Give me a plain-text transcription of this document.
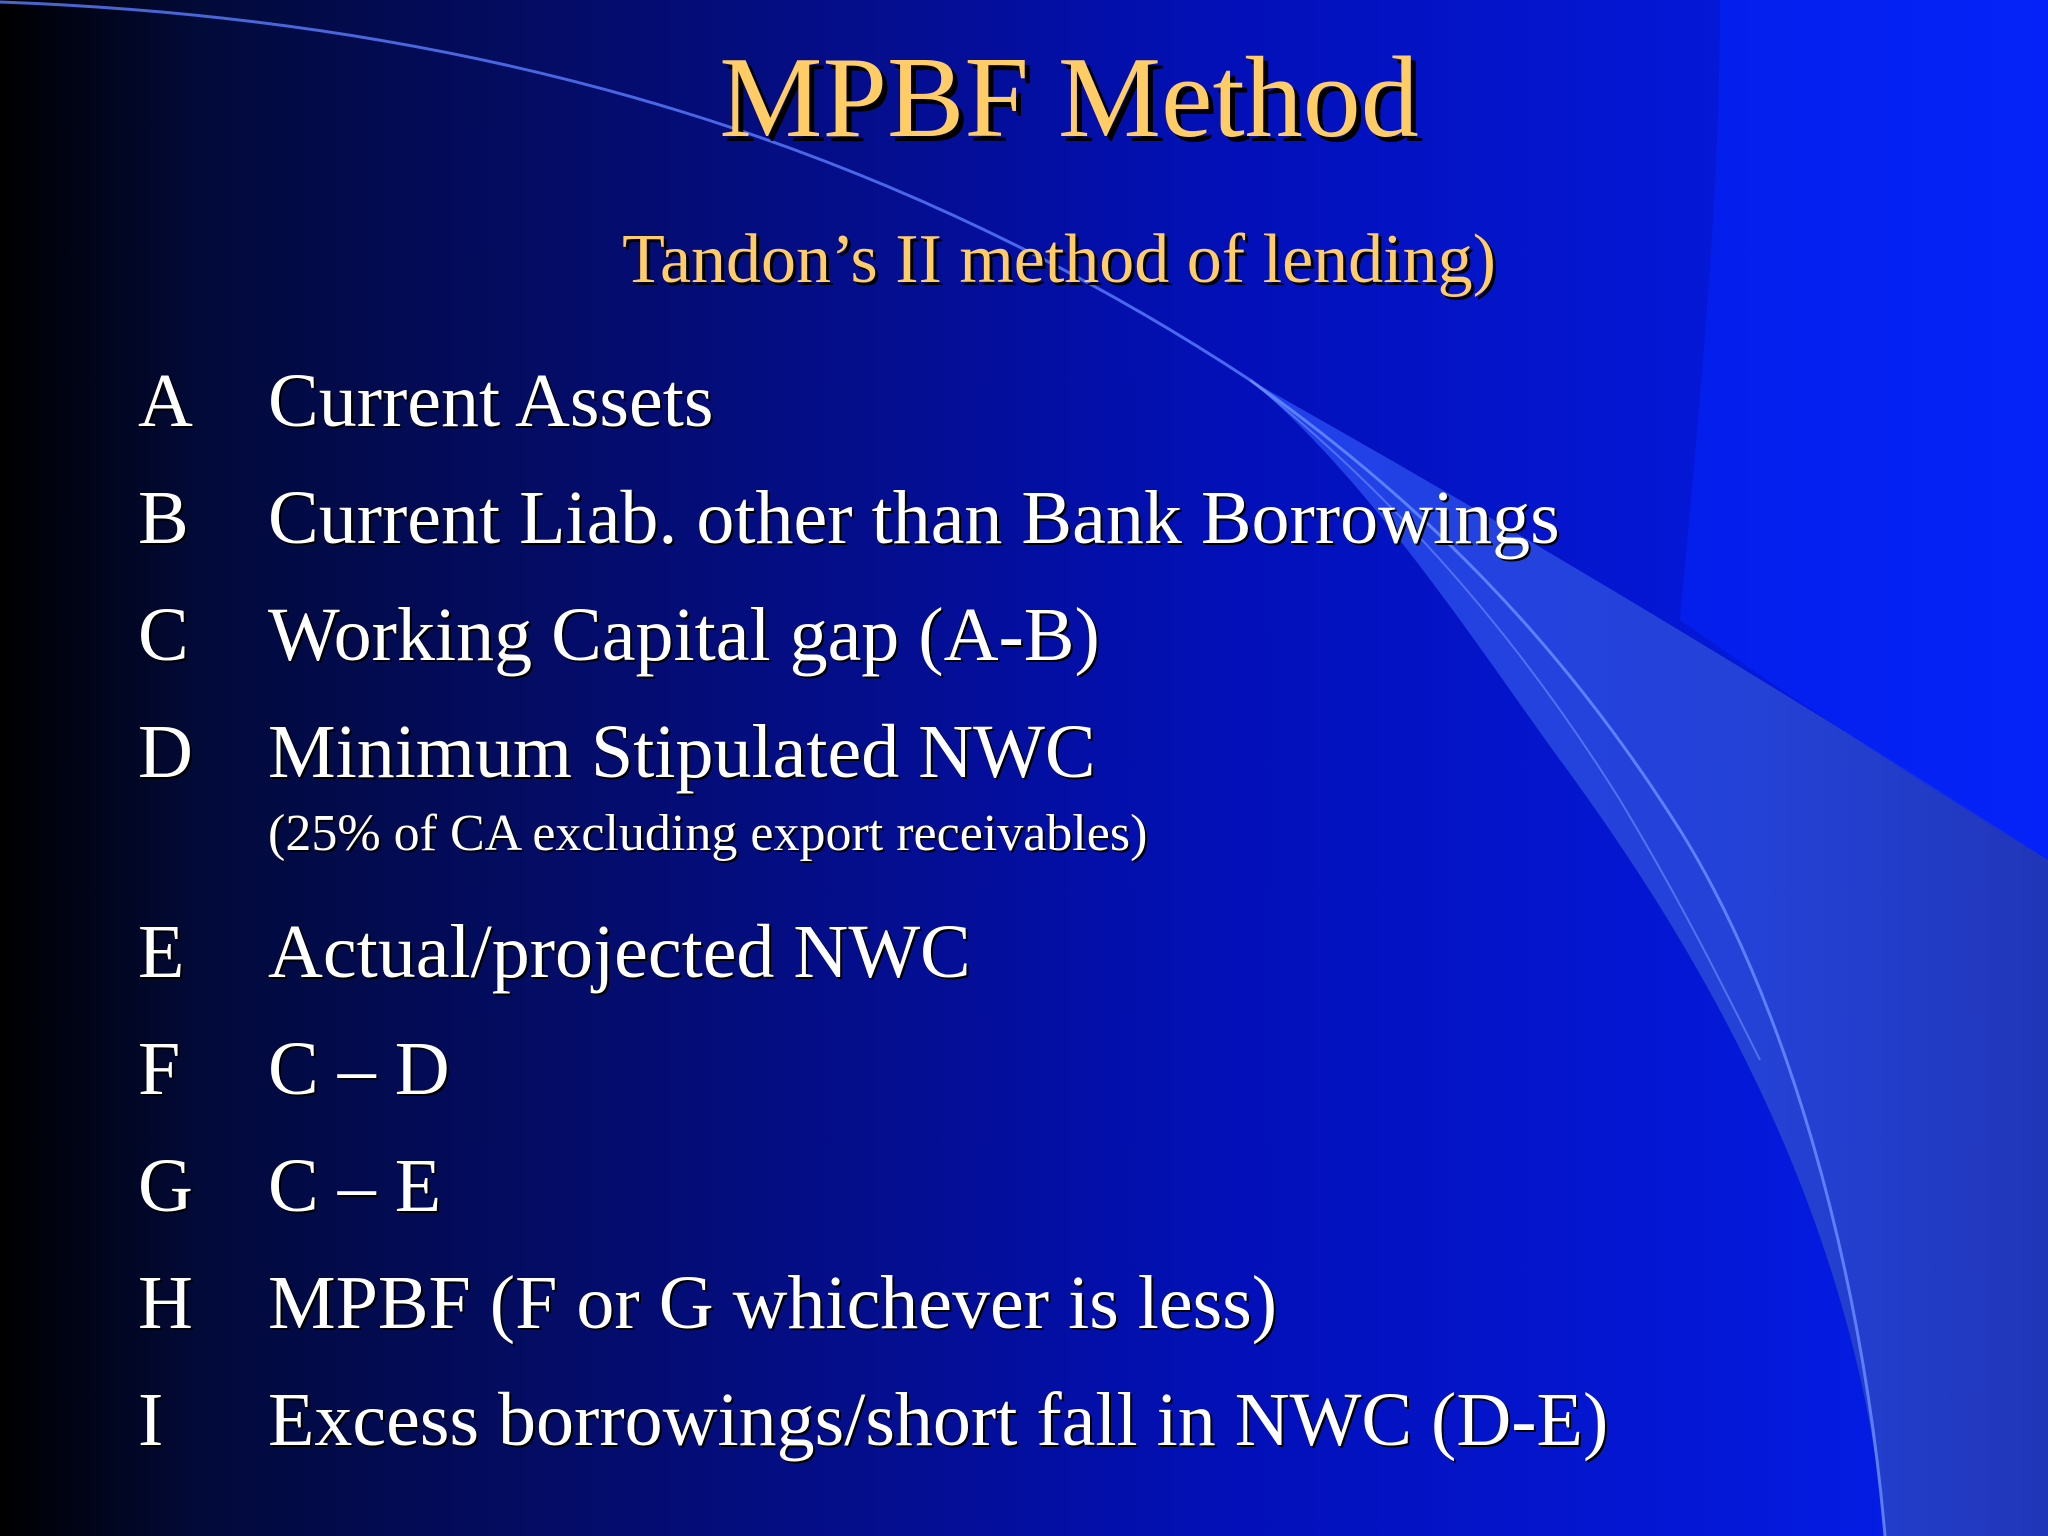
MPBF Method
Tandon’s II method of lending)
A Current Assets
B	Current Liab. other than Bank Borrowings
C	Working Capital gap (A-B)
D Minimum Stipulated NWC
(25% of CA excluding export receivables)
E	Actual/projected NWC
F	C – D
G C – E
H MPBF (F or G whichever is less)
I	Excess borrowings/short fall in NWC (D-E)
